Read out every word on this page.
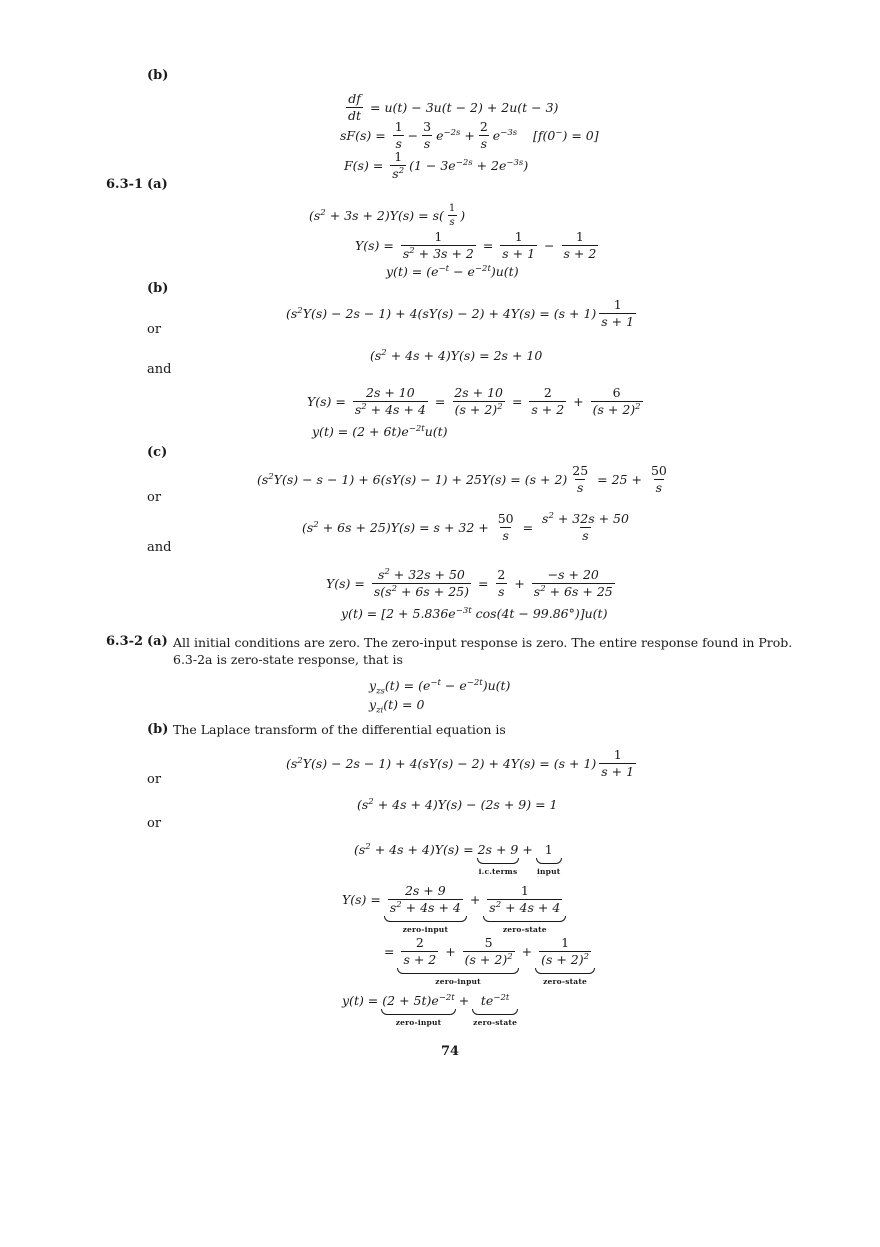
(b)
$\frac{df}{dt} = u(t) - 3u(t - 2) + 2u(t - 3)$
$sF(s) = \frac{1}{s} - \frac{3}{s} e^{-2s} + \frac{2}{s} e^{-3s}$    [f(0−) = 0]
$F(s) = \frac{1}{s^2} (1 - 3e^{-2s} + 2e^{-3s})$
6.3-1 (a)
$(s^2 + 3s + 2)Y(s) = s$( 1
s )
$Y(s) = \frac{1}{s^2 + 3s + 2} = \frac{1}{s + 1} - \frac{1}{s + 2}$
$y(t) = (e^{-t} - e^{-2t})u(t)$
(b)
$(s^2Y(s) - 2s - 1) + 4(sY(s) - 2) + 4Y(s) = (s + 1)$
1
s + 1
or
$(s^2 + 4s + 4)Y(s) = 2s + 10$
and
$Y(s) = \frac{2s + 10}{s^2 + 4s + 4} = \frac{2s + 10}{(s + 2)^2} = \frac{2}{s + 2} + \frac{6}{(s + 2)^2}$
$y(t) = (2 + 6t)e^{-2t}u(t)$
(c)
$(s^2Y(s) - s - 1) + 6(sY(s) - 1) + 25Y(s) = (s + 2) \frac{25}{s} = 25 + \frac{50}{s}$
or
$(s^2 + 6s + 25)Y(s) = s + 32 + \frac{50}{s} = \frac{s^2 + 32s + 50}{s}$
and
$Y(s) = \frac{s^2 + 32s + 50}{s(s^2 + 6s + 25)} = \frac{2}{s} + \frac{-s + 20}{s^2 + 6s + 25}$
$y(t) = [2 + 5.836e^{-3t}$ cos(4t − 99.86°)]u(t)
6.3-2 (a) All initial conditions are zero. The zero-input response is zero. The entire response found in Prob. 6.3-2a is zero-state response, that is
$y_{zs}(t) = (e^{-t} - e^{-2t})u(t)$
$y_{zi}(t) = 0$
(b) The Laplace transform of the differential equation is
$(s^2Y(s) - 2s - 1) + 4(sY(s) - 2) + 4Y(s) = (s + 1)$
1
s + 1
or
$(s^2 + 4s + 4)Y(s) - (2s + 9) = 1$
or
$(s^2 + 4s + 4)Y(s) = 2s + 9$
i.c.terms
+ 1
input
Y(s) =
2s + 9
$s^2 + 4s + 4$
zero-input
+
1
$s^2 + 4s + 4$
zero-state
=
2
s + 2
+ $\frac{5}{(s + 2)^2}$
zero-input
+
1
$(s + 2)^2$
zero-state
$y(t) = (2 + 5t)e^{-2t}$
zero-input
+ $te^{-2t}$
zero-state
74
